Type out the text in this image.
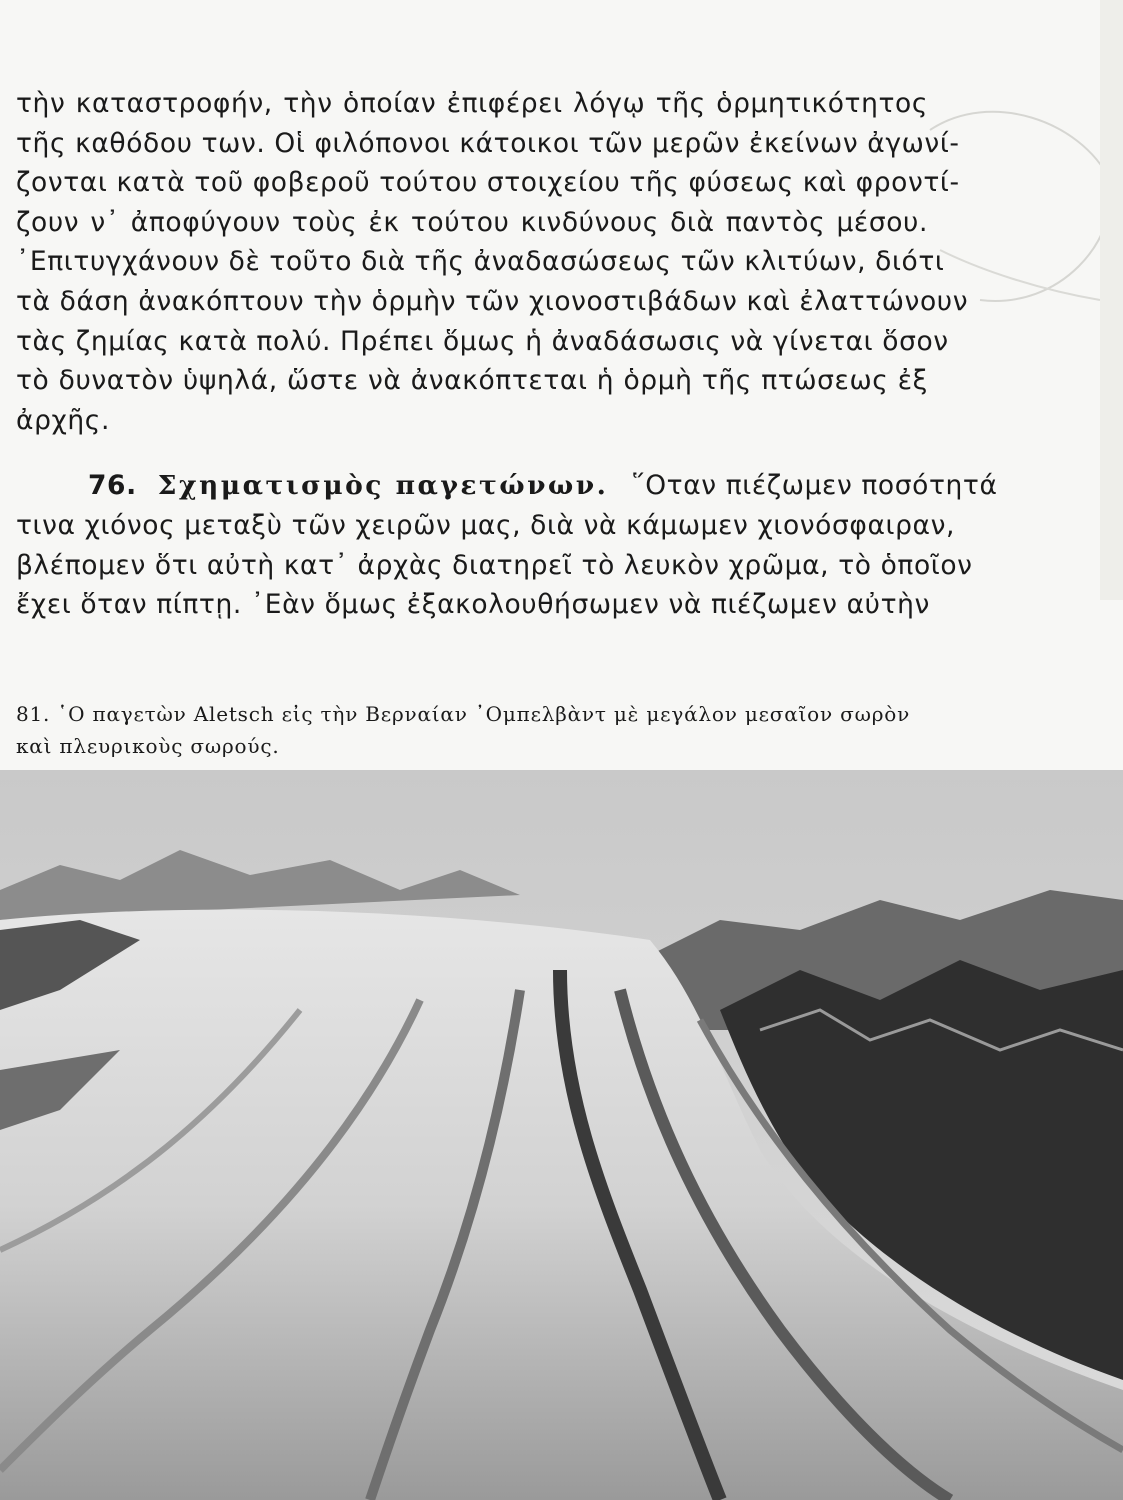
τὴν καταστροφήν, τὴν ὁποίαν ἐπιφέρει λόγῳ τῆς ὁρμητικότητος
τῆς καθόδου των. Οἱ φιλόπονοι κάτοικοι τῶν μερῶν ἐκείνων ἀγωνί-
ζονται κατὰ τοῦ φοβεροῦ τούτου στοιχείου τῆς φύσεως καὶ φροντί-
ζουν ν᾿ ἀποφύγουν τοὺς ἐκ τούτου κινδύνους διὰ παντὸς μέσου.
᾿Επιτυγχάνουν δὲ τοῦτο διὰ τῆς ἀναδασώσεως τῶν κλιτύων, διότι
τὰ δάση ἀνακόπτουν τὴν ὁρμὴν τῶν χιονοστιβάδων καὶ ἐλαττώνουν
τὰς ζημίας κατὰ πολύ. Πρέπει ὅμως ἡ ἀναδάσωσις νὰ γίνεται ὅσον
τὸ δυνατὸν ὑψηλά, ὥστε νὰ ἀνακόπτεται ἡ ὁρμὴ τῆς πτώσεως ἐξ
ἀρχῆς.
76. Σχηματισμὸς παγετώνων. ῞Οταν πιέζωμεν ποσότητά
τινα χιόνος μεταξὺ τῶν χειρῶν μας, διὰ νὰ κάμωμεν χιονόσφαιραν,
βλέπομεν ὅτι αὐτὴ κατ᾿ ἀρχὰς διατηρεῖ τὸ λευκὸν χρῶμα, τὸ ὁποῖον
ἔχει ὅταν πίπτῃ. ᾿Εὰν ὅμως ἐξακολουθήσωμεν νὰ πιέζωμεν αὐτὴν
81. ῾Ο παγετὼν Aletsch εἰς τὴν Βερναίαν ᾿Ομπελβὰντ μὲ μεγάλον μεσαῖον σωρὸν
καὶ πλευρικοὺς σωρούς.
